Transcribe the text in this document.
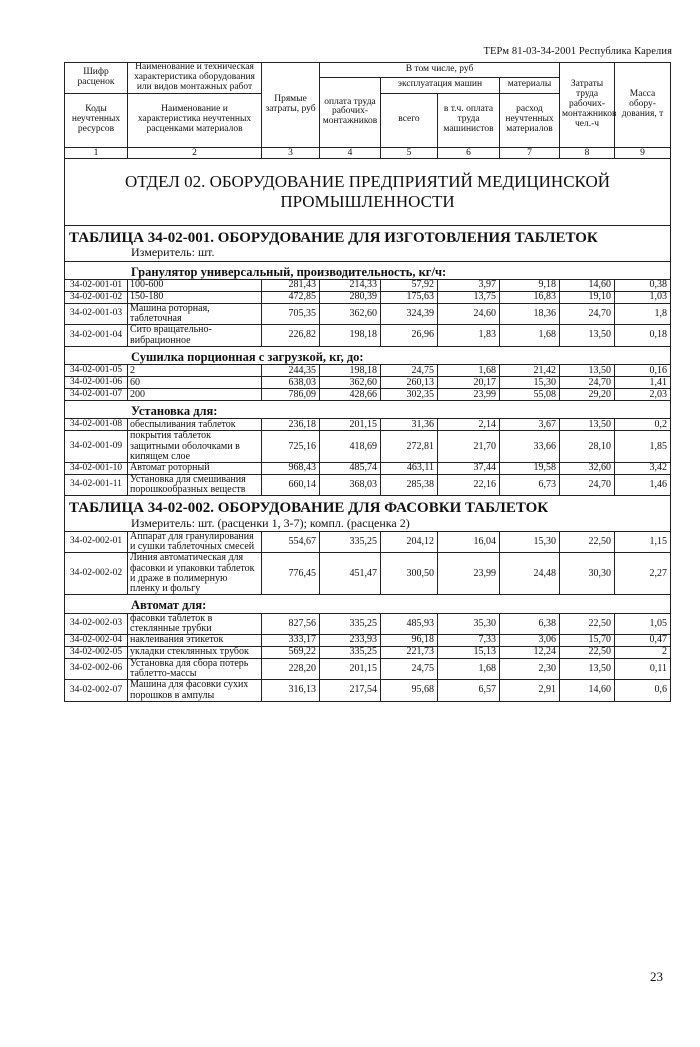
ТЕРм 81-03-34-2001 Республика Карелия
Шифр расценок	Наименование и техническая характеристика оборудования или видов монтажных работ	Прямые затраты, руб	В том числе, руб				Затраты труда рабочих-монтажников чел.-ч	Масса обору-дования, т
			оплата труда рабочих-монтажников	эксплуатация машин		материалы		
Коды неучтенных ресурсов	Наименование и характеристика неучтенных расценками материалов			всего	в т.ч. оплата труда машинистов	расход неучтенных материалов		

1	2	3	4	5	6	7	8	9
ОТДЕЛ 02. ОБОРУДОВАНИЕ ПРЕДПРИЯТИЙ МЕДИЦИНСКОЙ ПРОМЫШЛЕННОСТИ								

ТАБЛИЦА 34-02-001. ОБОРУДОВАНИЕ ДЛЯ ИЗГОТОВЛЕНИЯ ТАБЛЕТОК
Измеритель: шт.								

Гранулятор универсальный, производительность, кг/ч:								

34-02-001-01	100-600	281,43	214,33	57,92	3,97	9,18	14,60	0,38
34-02-001-02	150-180	472,85	280,39	175,63	13,75	16,83	19,10	1,03
34-02-001-03	Машина роторная, таблеточная	705,35	362,60	324,39	24,60	18,36	24,70	1,8
34-02-001-04	Сито вращательно-вибрационное	226,82	198,18	26,96	1,83	1,68	13,50	0,18

Сушилка порционная с загрузкой, кг, до:								

34-02-001-05	2	244,35	198,18	24,75	1,68	21,42	13,50	0,16
34-02-001-06	60	638,03	362,60	260,13	20,17	15,30	24,70	1,41
34-02-001-07	200	786,09	428,66	302,35	23,99	55,08	29,20	2,03

Установка для:								

34-02-001-08	обеспыливания таблеток	236,18	201,15	31,36	2,14	3,67	13,50	0,2
34-02-001-09	покрытия таблеток защитными оболочками в кипящем слое	725,16	418,69	272,81	21,70	33,66	28,10	1,85
34-02-001-10	Автомат роторный	968,43	485,74	463,11	37,44	19,58	32,60	3,42
34-02-001-11	Установка для смешивания порошкообразных веществ	660,14	368,03	285,38	22,16	6,73	24,70	1,46

ТАБЛИЦА 34-02-002. ОБОРУДОВАНИЕ ДЛЯ ФАСОВКИ ТАБЛЕТОК
Измеритель: шт. (расценки 1, 3-7); компл. (расценка 2)								

34-02-002-01	Аппарат для гранулирования и сушки таблеточных смесей	554,67	335,25	204,12	16,04	15,30	22,50	1,15
34-02-002-02	Линия автоматическая для фасовки и упаковки таблеток и драже в полимерную пленку и фольгу	776,45	451,47	300,50	23,99	24,48	30,30	2,27

Автомат для:								

34-02-002-03	фасовки таблеток в стеклянные трубки	827,56	335,25	485,93	35,30	6,38	22,50	1,05
34-02-002-04	наклеивания этикеток	333,17	233,93	96,18	7,33	3,06	15,70	0,47
34-02-002-05	укладки стеклянных трубок	569,22	335,25	221,73	15,13	12,24	22,50	2
34-02-002-06	Установка для сбора потерь таблетто-массы	228,20	201,15	24,75	1,68	2,30	13,50	0,11
34-02-002-07	Машина для фасовки сухих порошков в ампулы	316,13	217,54	95,68	6,57	2,91	14,60	0,6
23
